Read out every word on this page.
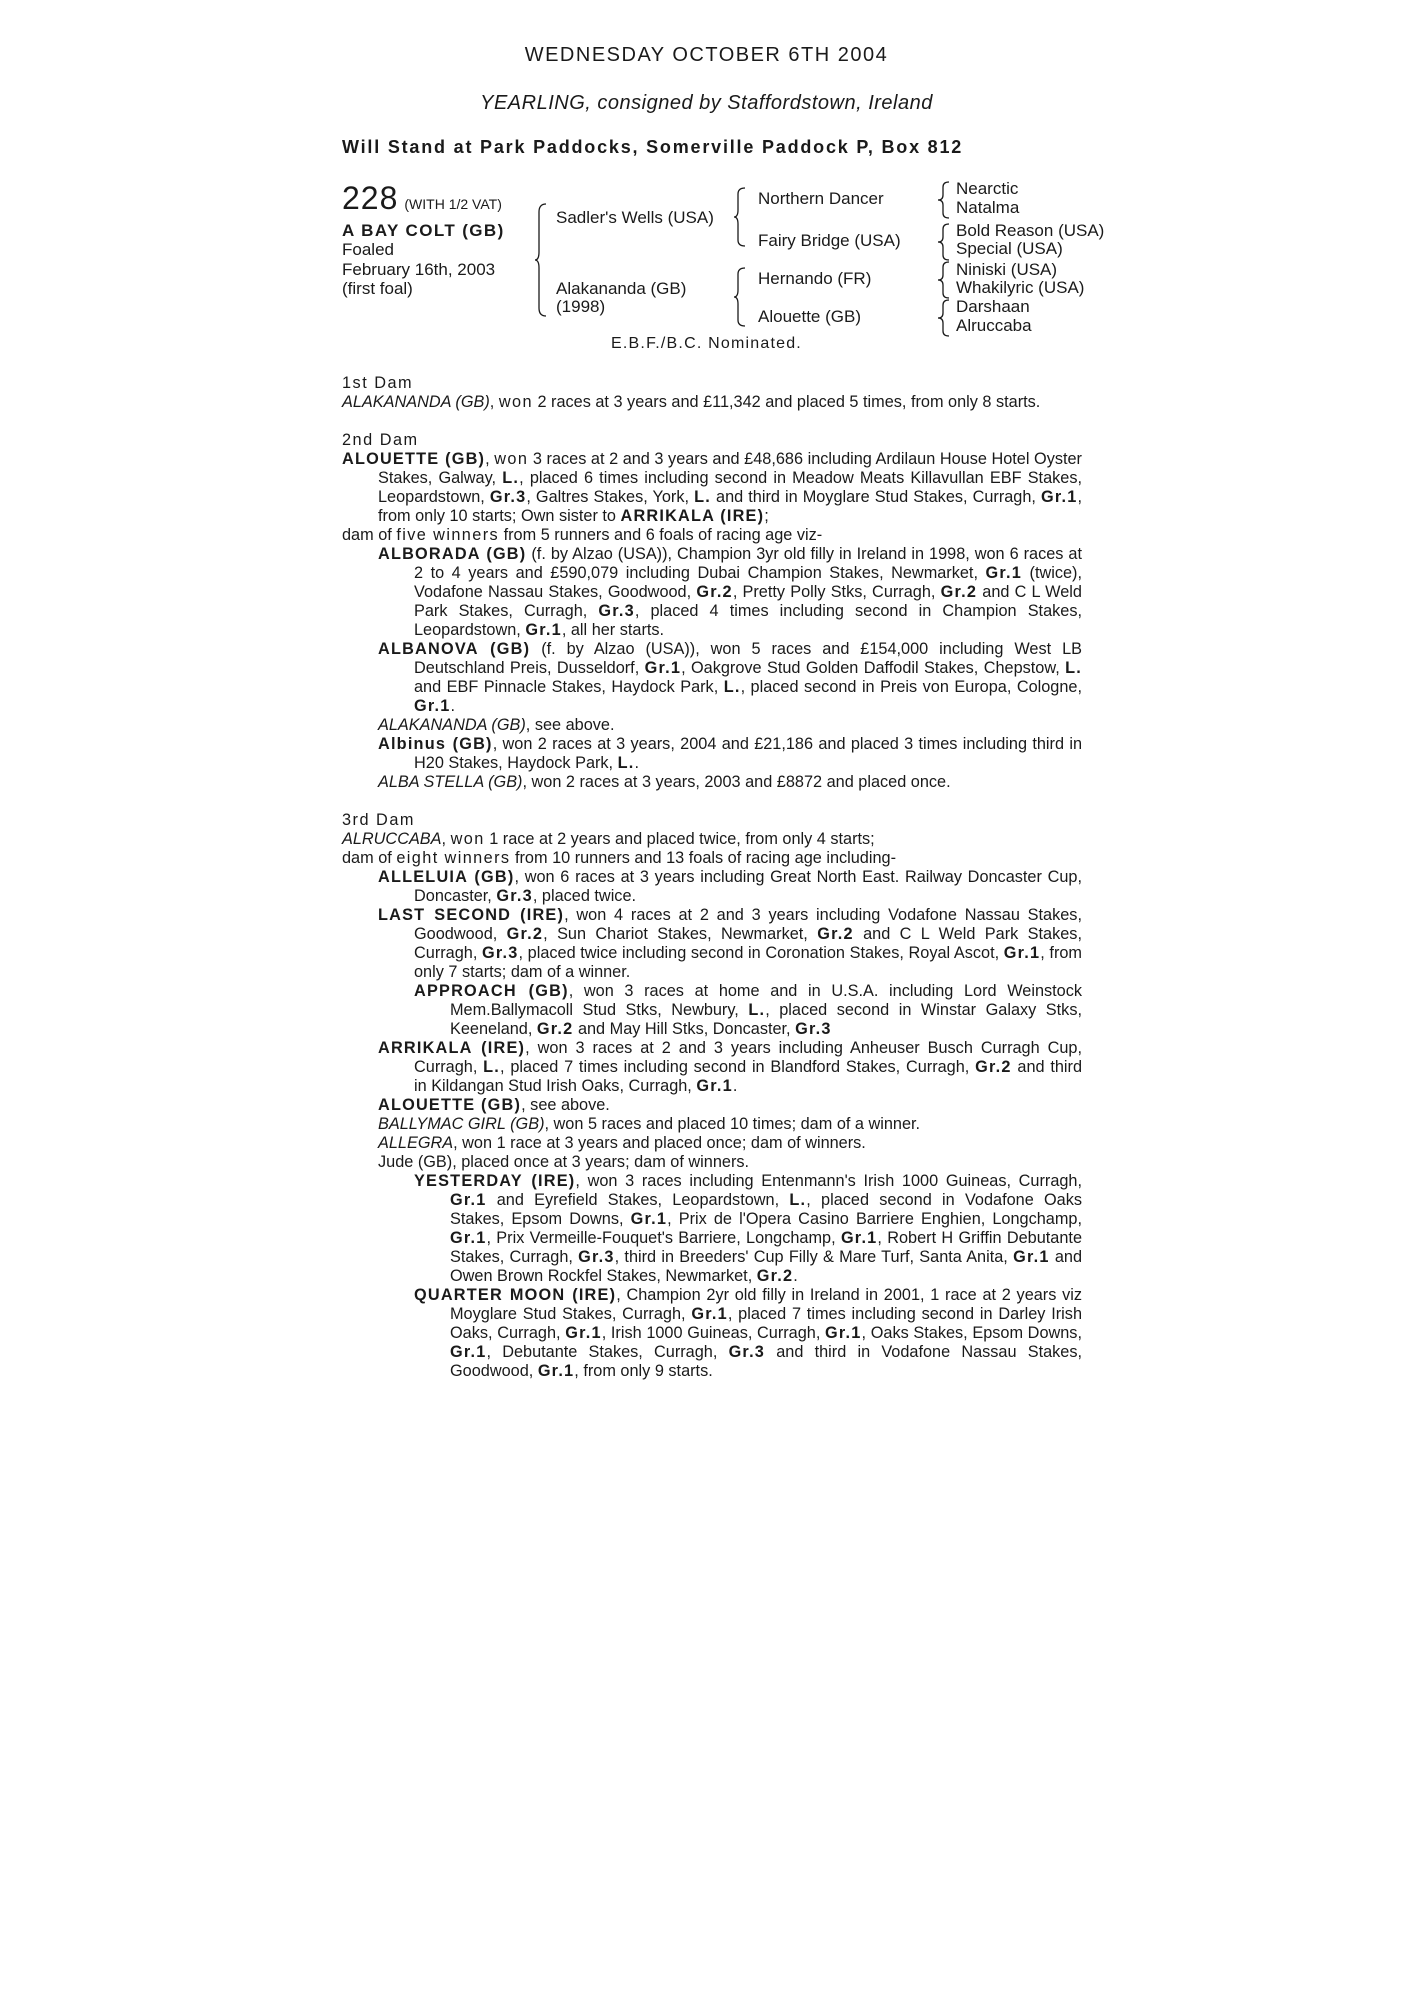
WEDNESDAY OCTOBER 6TH 2004
YEARLING, consigned by Staffordstown, Ireland
Will Stand at Park Paddocks, Somerville Paddock P, Box 812
228 (WITH 1/2 VAT)
A BAY COLT (GB)
Foaled
February 16th, 2003
(first foal)
Sadler's Wells (USA)
Alakananda (GB)
(1998)
Northern Dancer
Fairy Bridge (USA)
Hernando (FR)
Alouette (GB)
Nearctic
Natalma
Bold Reason (USA)
Special (USA)
Niniski (USA)
Whakilyric (USA)
Darshaan
Alruccaba
E.B.F./B.C. Nominated.

1st Dam

ALAKANANDA (GB), won 2 races at 3 years and £11,342 and placed 5 times, from only 8 starts.

2nd Dam

ALOUETTE (GB), won 3 races at 2 and 3 years and £48,686 including Ardilaun House Hotel Oyster Stakes, Galway, L., placed 6 times including second in Meadow Meats Killavullan EBF Stakes, Leopardstown, Gr.3, Galtres Stakes, York, L. and third in Moyglare Stud Stakes, Curragh, Gr.1, from only 10 starts; Own sister to ARRIKALA (IRE);

dam of five winners from 5 runners and 6 foals of racing age viz-

ALBORADA (GB) (f. by Alzao (USA)), Champion 3yr old filly in Ireland in 1998, won 6 races at 2 to 4 years and £590,079 including Dubai Champion Stakes, Newmarket, Gr.1 (twice), Vodafone Nassau Stakes, Goodwood, Gr.2, Pretty Polly Stks, Curragh, Gr.2 and C L Weld Park Stakes, Curragh, Gr.3, placed 4 times including second in Champion Stakes, Leopardstown, Gr.1, all her starts.

ALBANOVA (GB) (f. by Alzao (USA)), won 5 races and £154,000 including West LB Deutschland Preis, Dusseldorf, Gr.1, Oakgrove Stud Golden Daffodil Stakes, Chepstow, L. and EBF Pinnacle Stakes, Haydock Park, L., placed second in Preis von Europa, Cologne, Gr.1.

ALAKANANDA (GB), see above.

Albinus (GB), won 2 races at 3 years, 2004 and £21,186 and placed 3 times including third in H20 Stakes, Haydock Park, L..

ALBA STELLA (GB), won 2 races at 3 years, 2003 and £8872 and placed once.

3rd Dam

ALRUCCABA, won 1 race at 2 years and placed twice, from only 4 starts;

dam of eight winners from 10 runners and 13 foals of racing age including-

ALLELUIA (GB), won 6 races at 3 years including Great North East. Railway Doncaster Cup, Doncaster, Gr.3, placed twice.

LAST SECOND (IRE), won 4 races at 2 and 3 years including Vodafone Nassau Stakes, Goodwood, Gr.2, Sun Chariot Stakes, Newmarket, Gr.2 and C L Weld Park Stakes, Curragh, Gr.3, placed twice including second in Coronation Stakes, Royal Ascot, Gr.1, from only 7 starts; dam of a winner.

APPROACH (GB), won 3 races at home and in U.S.A. including Lord Weinstock Mem.Ballymacoll Stud Stks, Newbury, L., placed second in Winstar Galaxy Stks, Keeneland, Gr.2 and May Hill Stks, Doncaster, Gr.3

ARRIKALA (IRE), won 3 races at 2 and 3 years including Anheuser Busch Curragh Cup, Curragh, L., placed 7 times including second in Blandford Stakes, Curragh, Gr.2 and third in Kildangan Stud Irish Oaks, Curragh, Gr.1.

ALOUETTE (GB), see above.

BALLYMAC GIRL (GB), won 5 races and placed 10 times; dam of a winner.

ALLEGRA, won 1 race at 3 years and placed once; dam of winners.

Jude (GB), placed once at 3 years; dam of winners.

YESTERDAY (IRE), won 3 races including Entenmann's Irish 1000 Guineas, Curragh, Gr.1 and Eyrefield Stakes, Leopardstown, L., placed second in Vodafone Oaks Stakes, Epsom Downs, Gr.1, Prix de l'Opera Casino Barriere Enghien, Longchamp, Gr.1, Prix Vermeille-Fouquet's Barriere, Longchamp, Gr.1, Robert H Griffin Debutante Stakes, Curragh, Gr.3, third in Breeders' Cup Filly & Mare Turf, Santa Anita, Gr.1 and Owen Brown Rockfel Stakes, Newmarket, Gr.2.

QUARTER MOON (IRE), Champion 2yr old filly in Ireland in 2001, 1 race at 2 years viz Moyglare Stud Stakes, Curragh, Gr.1, placed 7 times including second in Darley Irish Oaks, Curragh, Gr.1, Irish 1000 Guineas, Curragh, Gr.1, Oaks Stakes, Epsom Downs, Gr.1, Debutante Stakes, Curragh, Gr.3 and third in Vodafone Nassau Stakes, Goodwood, Gr.1, from only 9 starts.
